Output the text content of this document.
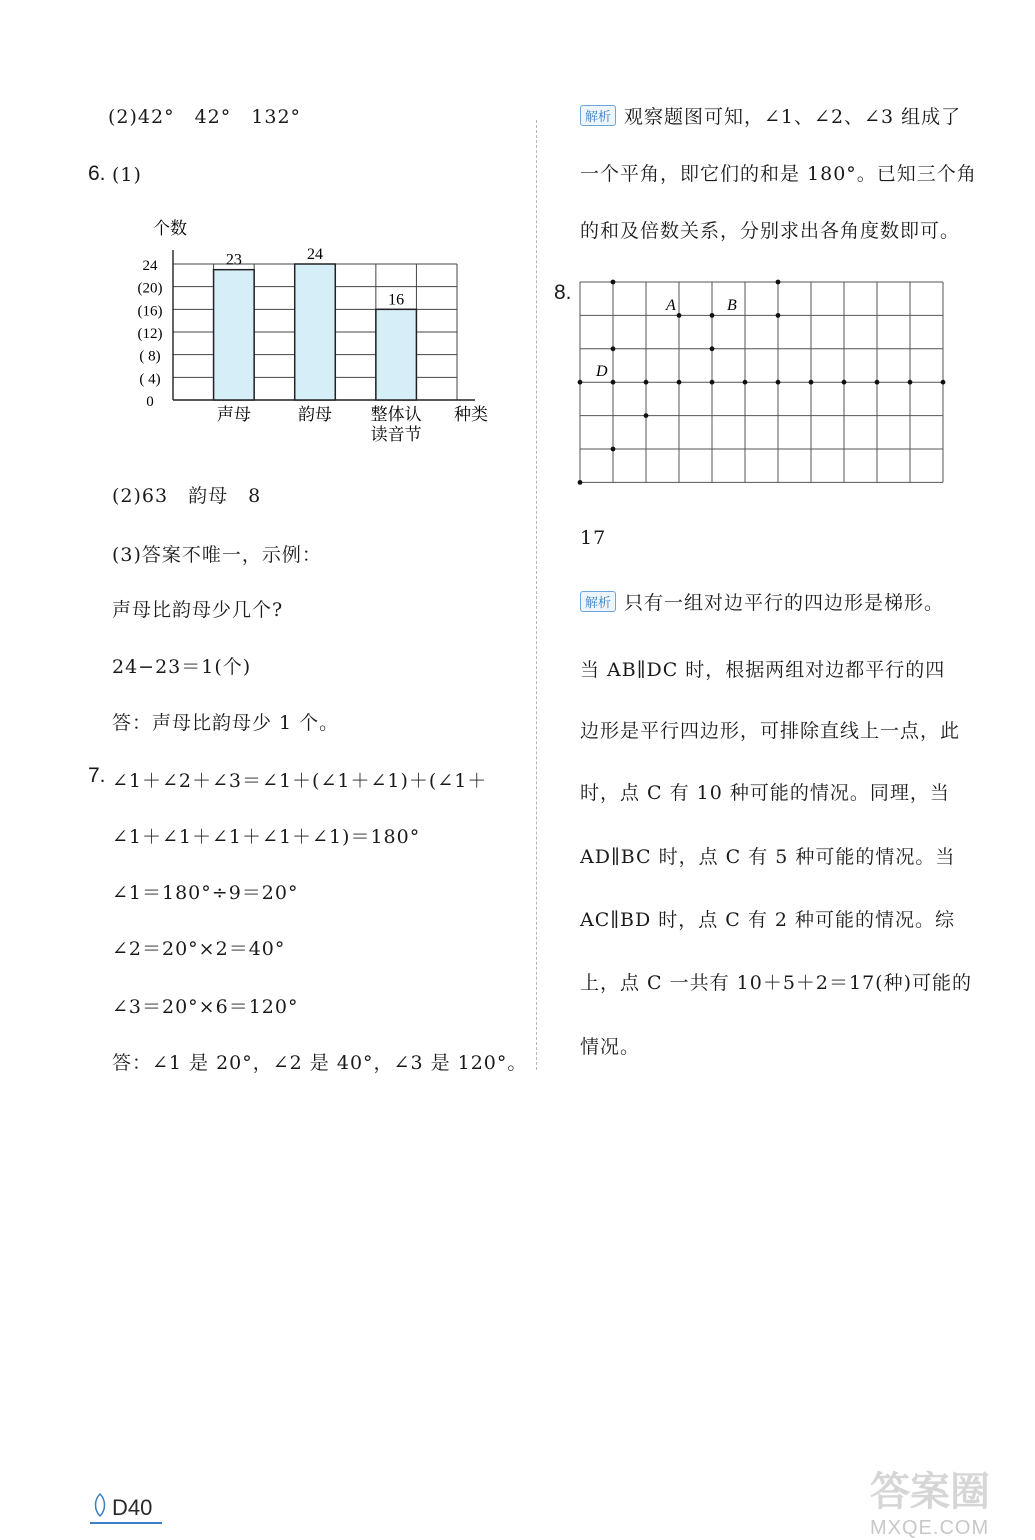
(2)42°　42°　132°
6. (1)
0
( 4)
( 8)
(12)
(16)
(20)
24	23
声母
24
韵母
16
整体认
读音节
个数
种类
(2)63　韵母　8
(3)答案不唯一，示例：
声母比韵母少几个?
24−23＝1(个)
答：声母比韵母少 1 个。
7. ∠1＋∠2＋∠3＝∠1＋(∠1＋∠1)＋(∠1＋
∠1＋∠1＋∠1＋∠1＋∠1)＝180°
∠1＝180°÷9＝20°
∠2＝20°×2＝40°
∠3＝20°×6＝120°
答：∠1 是 20°，∠2 是 40°，∠3 是 120°。
解析 观察题图可知，∠1、∠2、∠3 组成了
一个平角，即它们的和是 180°。已知三个角
的和及倍数关系，分别求出各角度数即可。
8.
A	B
D
17
解析 只有一组对边平行的四边形是梯形。
当 AB∥DC 时，根据两组对边都平行的四
边形是平行四边形，可排除直线上一点，此
时，点 C 有 10 种可能的情况。同理，当
AD∥BC 时，点 C 有 5 种可能的情况。当
AC∥BD 时，点 C 有 2 种可能的情况。综
上，点 C 一共有 10＋5＋2＝17(种)可能的
情况。
D40	答案圈
MXQE.COM
